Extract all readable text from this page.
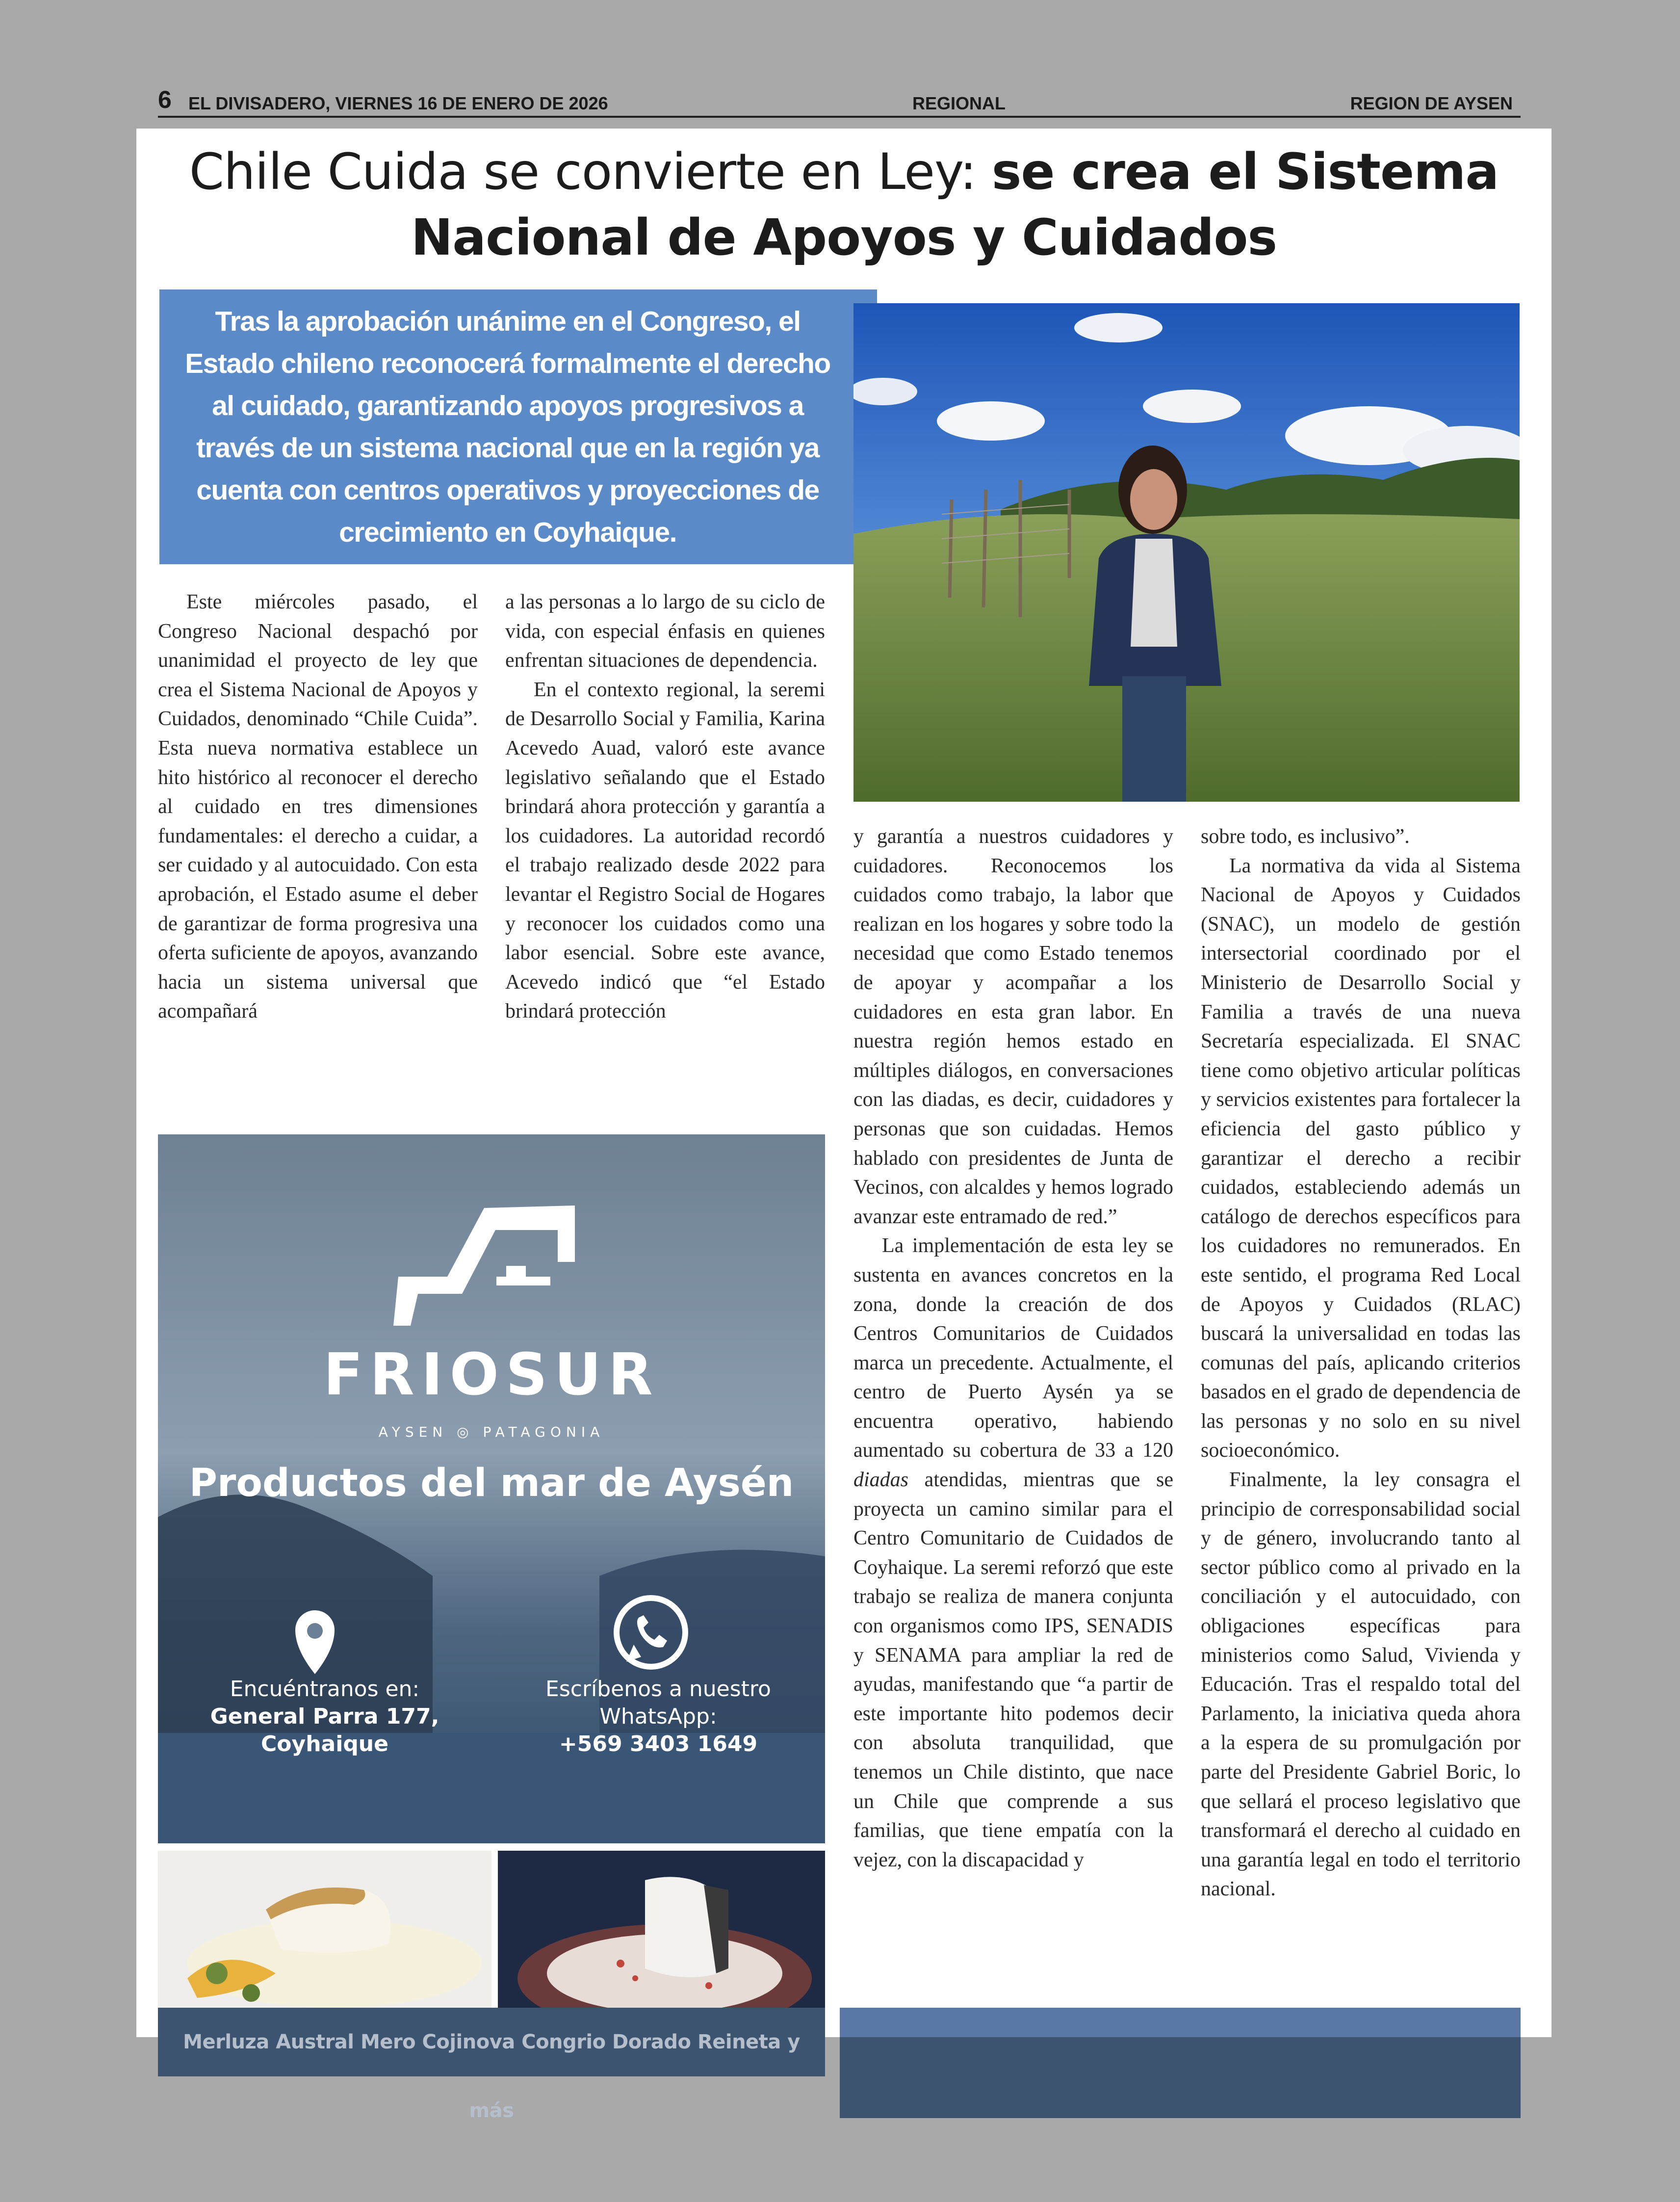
6 EL DIVISADERO, VIERNES 16 DE ENERO DE 2026	REGIONAL	REGION DE AYSEN
Chile Cuida se convierte en Ley: se crea el Sistema
Nacional de Apoyos y Cuidados
Tras la aprobación unánime en el Congreso, el Estado chileno reconocerá formalmente el derecho al cuidado, garantizando apoyos progresivos a través de un sistema nacional que en la región ya cuenta con centros operativos y proyecciones de crecimiento en Coyhaique.

Este miércoles pasado, el Congreso Nacional despachó por unanimidad el proyecto de ley que crea el Sistema Nacional de Apoyos y Cuidados, denominado “Chile Cuida”. Esta nueva normativa establece un hito histórico al reconocer el derecho al cuidado en tres dimensiones fundamentales: el derecho a cuidar, a ser cuidado y al autocuidado. Con esta aprobación, el Estado asume el deber de garantizar de forma progresiva una oferta suficiente de apoyos, avanzando hacia un sistema universal que acompañará

a las personas a lo largo de su ciclo de vida, con especial énfasis en quienes enfrentan situaciones de dependencia.

En el contexto regional, la seremi de Desarrollo Social y Familia, Karina Acevedo Auad, valoró este avance legislativo señalando que el Estado brindará ahora protección y garantía a los cuidadores. La autoridad recordó el trabajo realizado desde 2022 para levantar el Registro Social de Hogares y reconocer los cuidados como una labor esencial. Sobre este avance, Acevedo indicó que “el Estado brindará protección

y garantía a nuestros cuidadores y cuidadores. Reconocemos los cuidados como trabajo, la labor que realizan en los hogares y sobre todo la necesidad que como Estado tenemos de apoyar y acompañar a los cuidadores en esta gran labor. En nuestra región hemos estado en múltiples diálogos, en conversaciones con las diadas, es decir, cuidadores y personas que son cuidadas. Hemos hablado con presidentes de Junta de Vecinos, con alcaldes y hemos logrado avanzar este entramado de red.”

La implementación de esta ley se sustenta en avances concretos en la zona, donde la creación de dos Centros Comunitarios de Cuidados marca un precedente. Actualmente, el centro de Puerto Aysén ya se encuentra operativo, habiendo aumentado su cobertura de 33 a 120 diadas atendidas, mientras que se proyecta un camino similar para el Centro Comunitario de Cuidados de Coyhaique. La seremi reforzó que este trabajo se realiza de manera conjunta con organismos como IPS, SENADIS y SENAMA para ampliar la red de ayudas, manifestando que “a partir de este importante hito podemos decir con absoluta tranquilidad, que tenemos un Chile distinto, que nace un Chile que comprende a sus familias, que tiene empatía con la vejez, con la discapacidad y

sobre todo, es inclusivo”.

La normativa da vida al Sistema Nacional de Apoyos y Cuidados (SNAC), un modelo de gestión intersectorial coordinado por el Ministerio de Desarrollo Social y Familia a través de una nueva Secretaría especializada. El SNAC tiene como objetivo articular políticas y servicios existentes para fortalecer la eficiencia del gasto público y garantizar el derecho a recibir cuidados, estableciendo además un catálogo de derechos específicos para los cuidadores no remunerados. En este sentido, el programa Red Local de Apoyos y Cuidados (RLAC) buscará la universalidad en todas las comunas del país, aplicando criterios basados en el grado de dependencia de las personas y no solo en su nivel socioeconómico.

Finalmente, la ley consagra el principio de corresponsabilidad social y de género, involucrando tanto al sector público como al privado en la conciliación y el autocuidado, con obligaciones específicas para ministerios como Salud, Vivienda y Educación. Tras el respaldo total del Parlamento, la iniciativa queda ahora a la espera de su promulgación por parte del Presidente Gabriel Boric, lo que sellará el proceso legislativo que transformará el derecho al cuidado en una garantía legal en todo el territorio nacional.

FRIOSUR
AYSEN ◎ PATAGONIA
Productos del mar de Aysén
Encuéntranos en:
General Parra 177,
Coyhaique
Escríbenos a nuestro
WhatsApp:
+569 3403 1649
Merluza Austral Mero Cojinova Congrio Dorado Reineta y más
